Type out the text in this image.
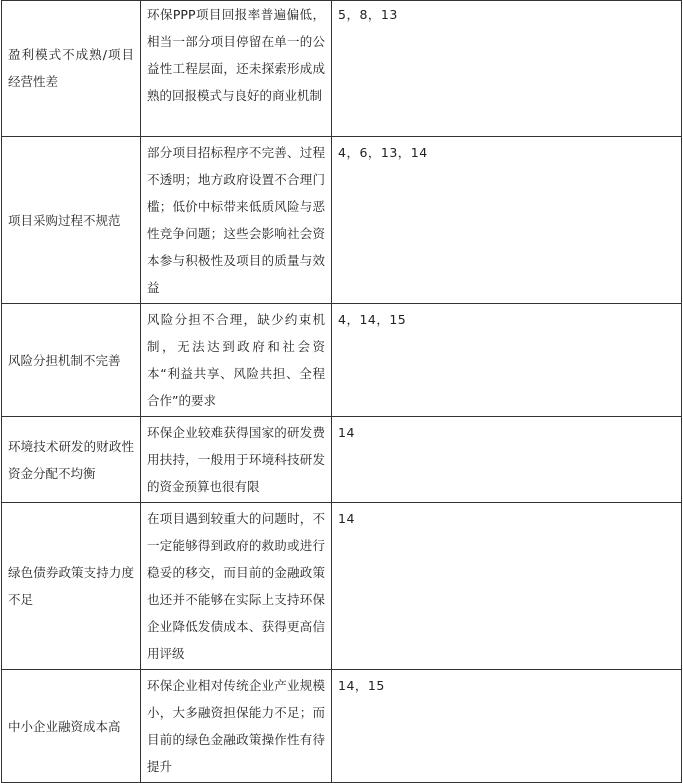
盈利模式不成熟/项目经营性差	环保PPP项目回报率普遍偏低，相当一部分项目停留在单一的公益性工程层面，还未探索形成成熟的回报模式与良好的商业机制	5，8，13
项目采购过程不规范	部分项目招标程序不完善、过程不透明；地方政府设置不合理门槛；低价中标带来低质风险与恶性竞争问题；这些会影响社会资本参与积极性及项目的质量与效益	4，6，13，14
风险分担机制不完善	风险分担不合理，缺少约束机制，无法达到政府和社会资本“利益共享、风险共担、全程合作”的要求	4，14，15
环境技术研发的财政性资金分配不均衡	环保企业较难获得国家的研发费用扶持，一般用于环境科技研发的资金预算也很有限	14
绿色债券政策支持力度不足	在项目遇到较重大的问题时，不一定能够得到政府的救助或进行稳妥的移交，而目前的金融政策也还并不能够在实际上支持环保企业降低发债成本、获得更高信用评级	14
中小企业融资成本高	环保企业相对传统企业产业规模小，大多融资担保能力不足；而目前的绿色金融政策操作性有待提升	14，15
